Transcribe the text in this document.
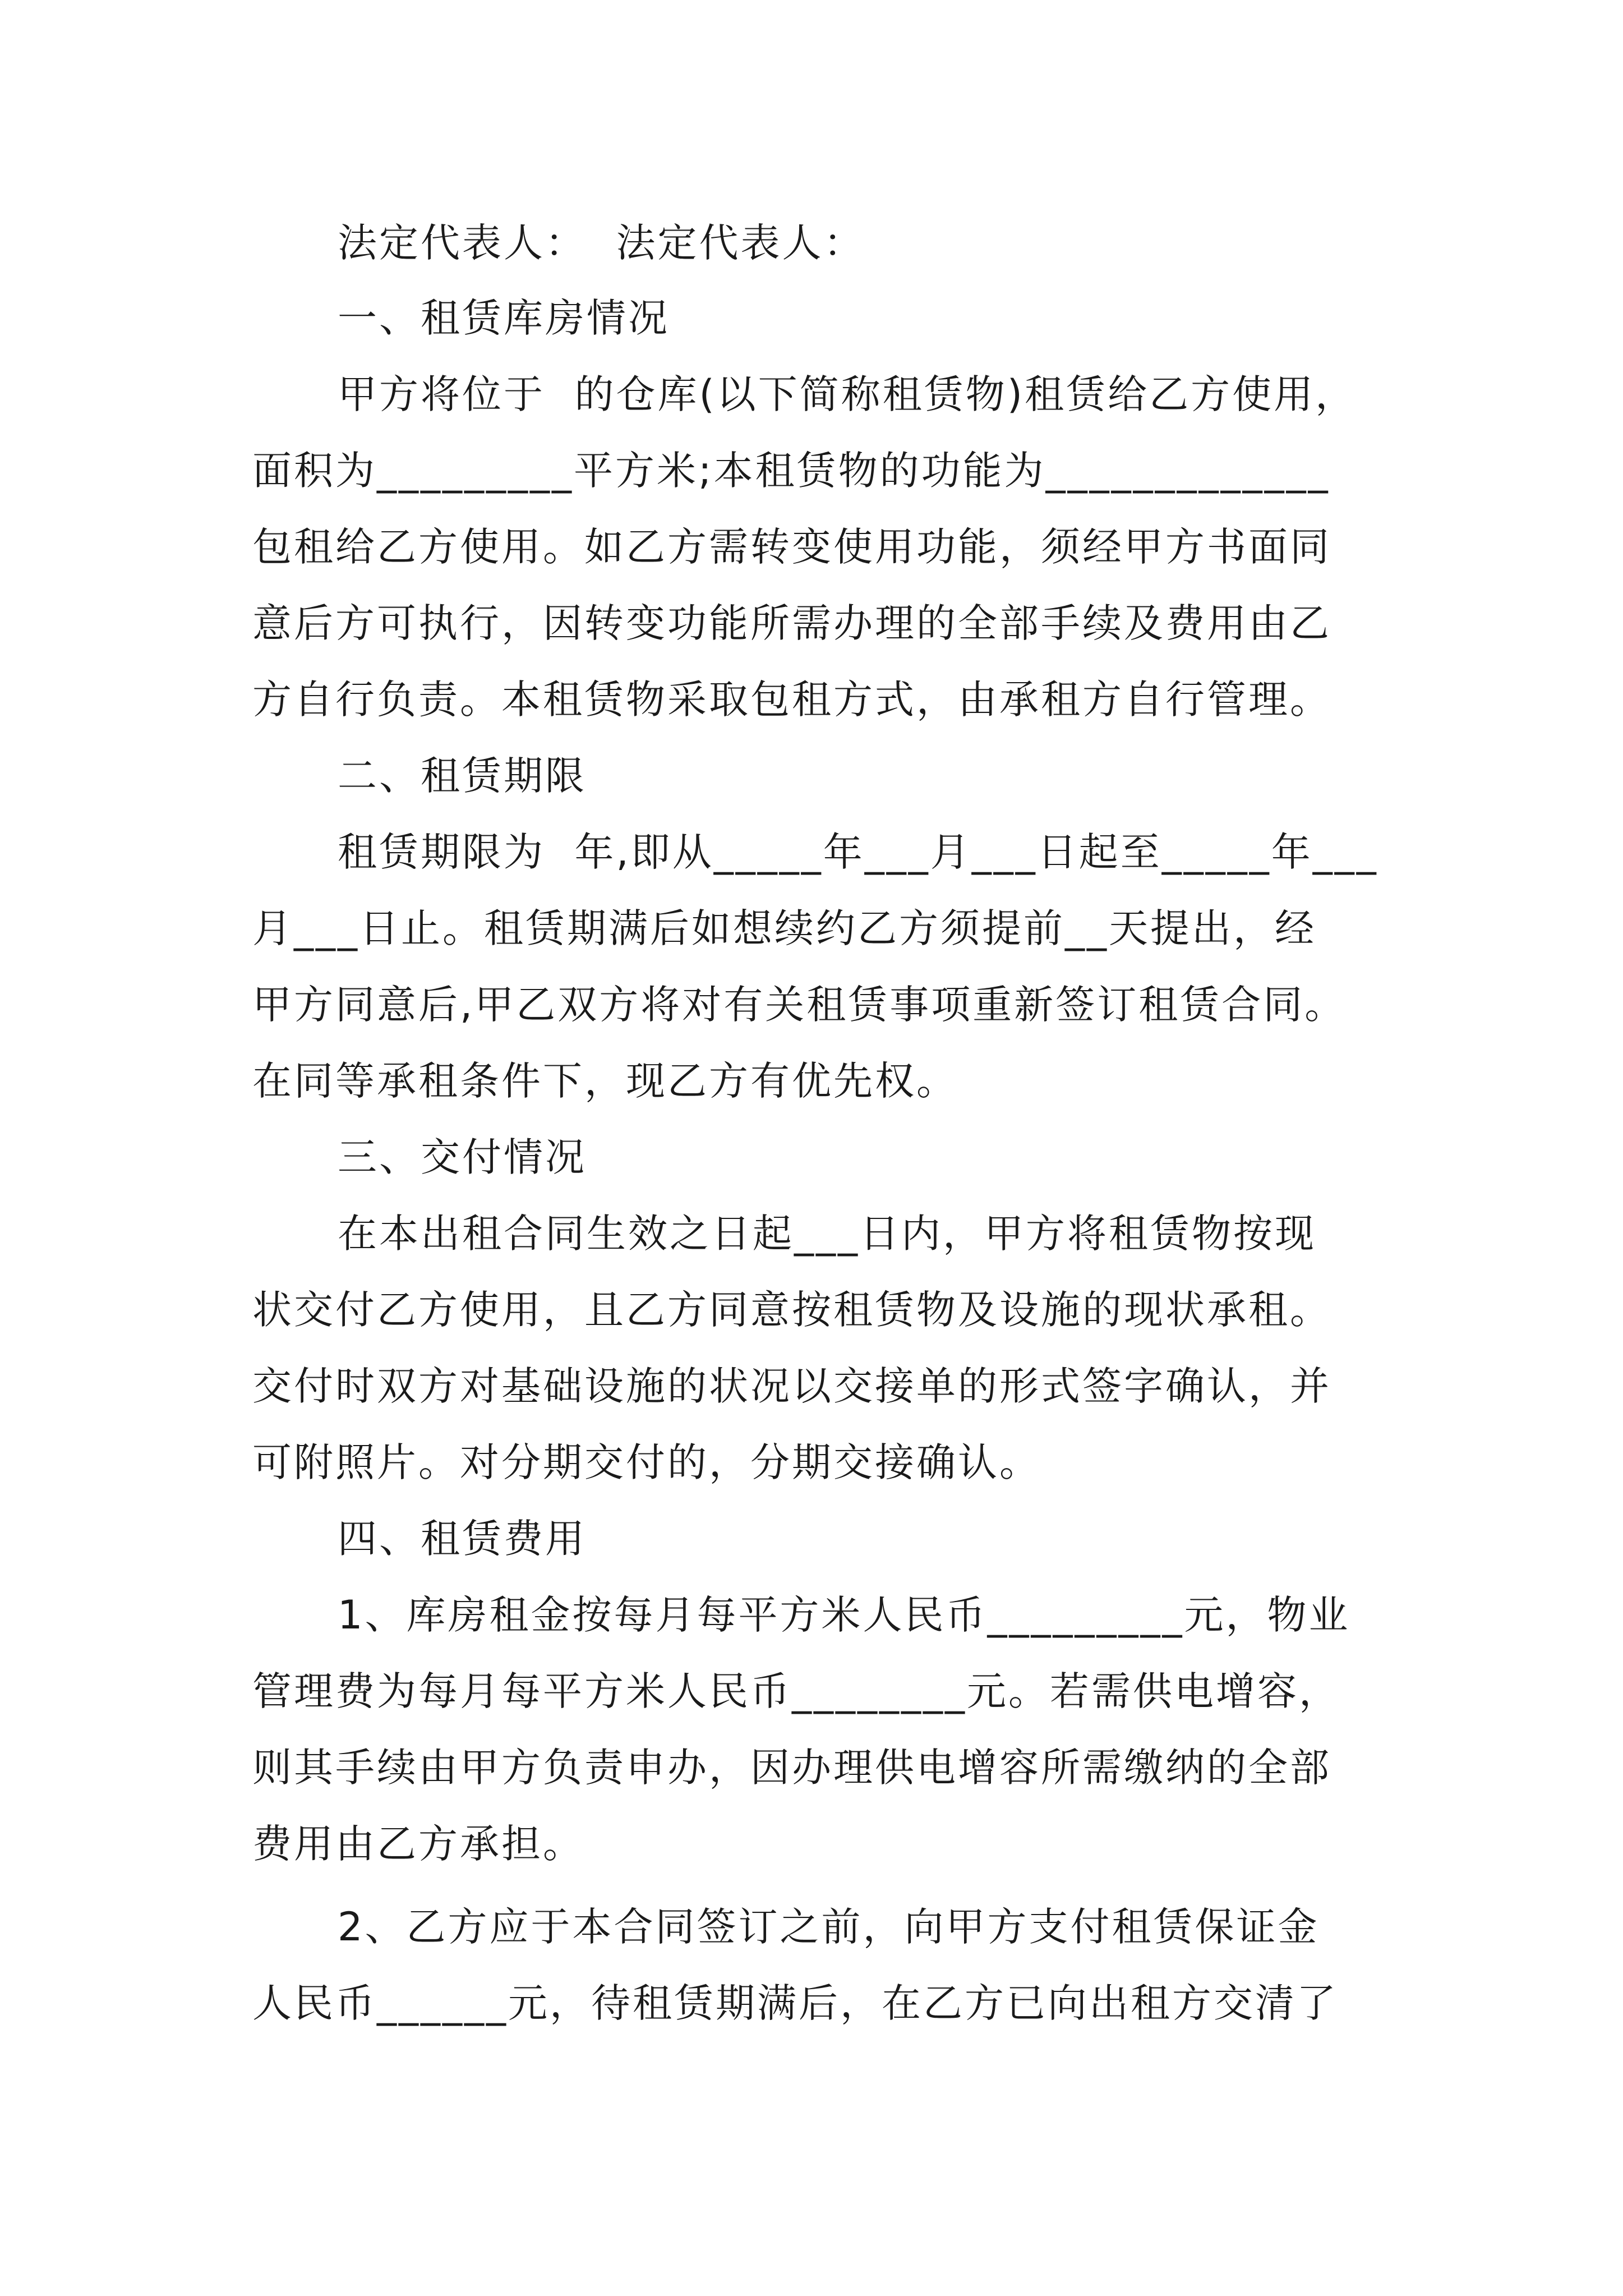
法定代表人：  法定代表人：
一、租赁库房情况
甲方将位于  的仓库(以下简称租赁物)租赁给乙方使用，
面积为_________平方米;本租赁物的功能为_____________
包租给乙方使用。如乙方需转变使用功能，须经甲方书面同
意后方可执行，因转变功能所需办理的全部手续及费用由乙
方自行负责。本租赁物采取包租方式，由承租方自行管理。
二、租赁期限
租赁期限为  年,即从_____年___月___日起至_____年___
月___日止。租赁期满后如想续约乙方须提前__天提出，经
甲方同意后,甲乙双方将对有关租赁事项重新签订租赁合同。
在同等承租条件下，现乙方有优先权。
三、交付情况
在本出租合同生效之日起___日内，甲方将租赁物按现
状交付乙方使用，且乙方同意按租赁物及设施的现状承租。
交付时双方对基础设施的状况以交接单的形式签字确认，并
可附照片。对分期交付的，分期交接确认。
四、租赁费用
1、库房租金按每月每平方米人民币_________元，物业
管理费为每月每平方米人民币________元。若需供电增容，
则其手续由甲方负责申办，因办理供电增容所需缴纳的全部
费用由乙方承担。
2、乙方应于本合同签订之前，向甲方支付租赁保证金
人民币______元，待租赁期满后，在乙方已向出租方交清了
